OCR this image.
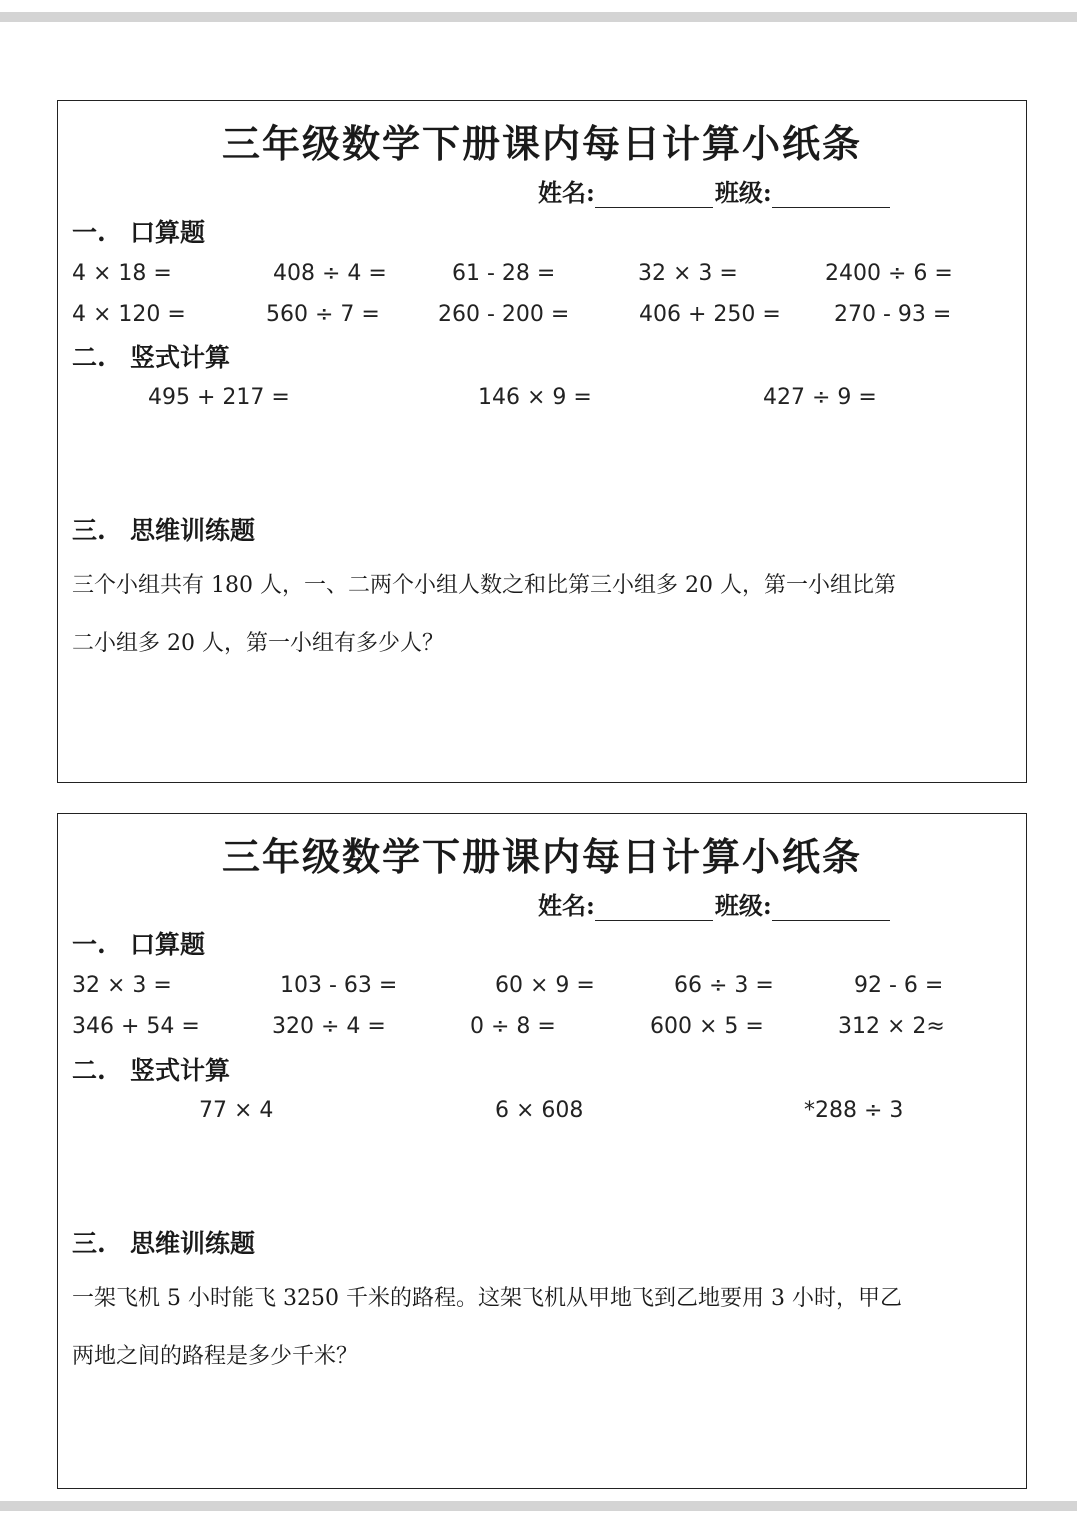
三年级数学下册课内每日计算小纸条
姓名:	班级:
一. 口算题
4 × 18 =	408 ÷ 4 =	61 - 28 =	32 × 3 =	2400 ÷ 6 =
4 × 120 =	560 ÷ 7 =	260 - 200 =	406 + 250 = 270 - 93 =
二. 竖式计算
495 + 217 =	146 × 9 =	427 ÷ 9 =
三. 思维训练题
三个小组共有 180 人，一、二两个小组人数之和比第三小组多 20 人，第一小组比第
二小组多 20 人，第一小组有多少人？
三年级数学下册课内每日计算小纸条
姓名:	班级:
一. 口算题
32 × 3 =	103 - 63 =	60 × 9 =	66 ÷ 3 =	92 - 6 =
346 + 54 =	320 ÷ 4 =	0 ÷ 8 =	600 × 5 =	312 × 2≈
二. 竖式计算
77 × 4	6 × 608	*288 ÷ 3
三. 思维训练题
一架飞机 5 小时能飞 3250 千米的路程。这架飞机从甲地飞到乙地要用 3 小时，甲乙
两地之间的路程是多少千米？
